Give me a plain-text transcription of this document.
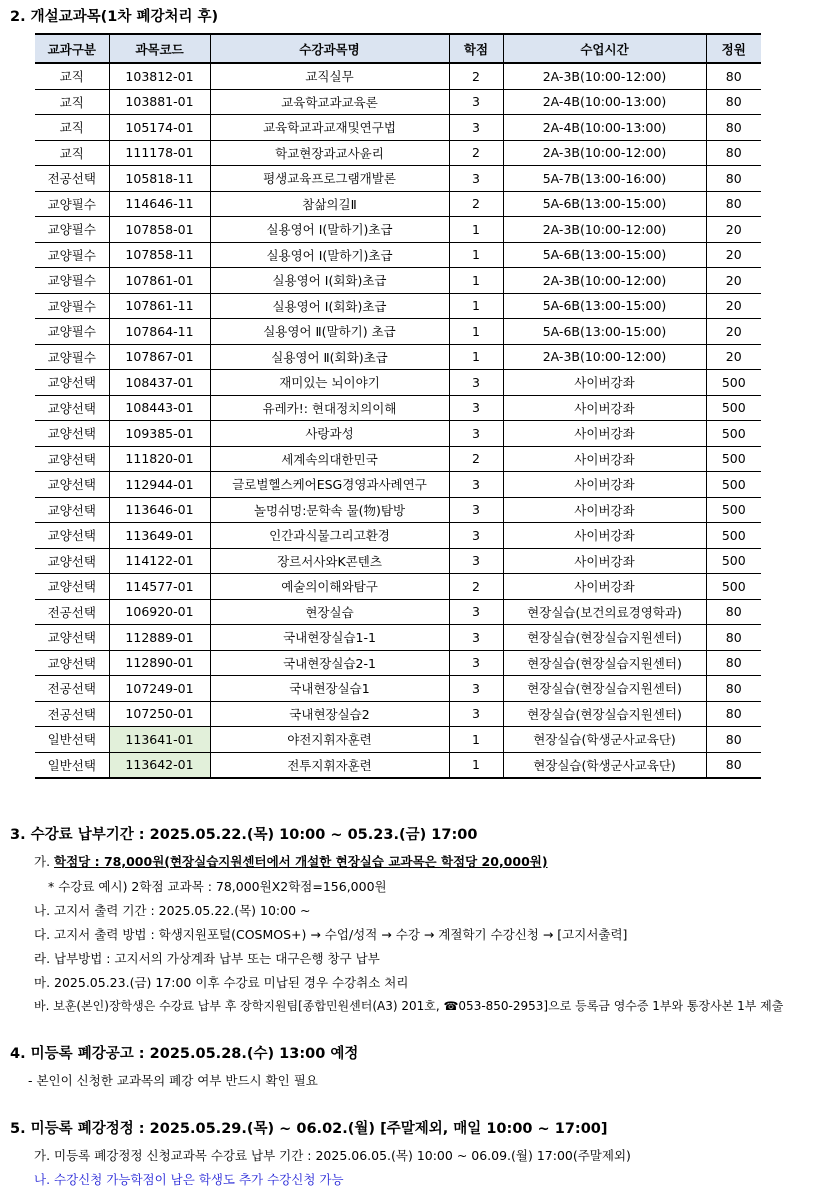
2. 개설교과목(1차 폐강처리 후)
교과구분	과목코드	수강과목명	학점	수업시간	정원
교직	103812-01	교직실무	2	2A-3B(10:00-12:00)	80
교직	103881-01	교육학교과교육론	3	2A-4B(10:00-13:00)	80
교직	105174-01	교육학교과교재및연구법	3	2A-4B(10:00-13:00)	80
교직	111178-01	학교현장과교사윤리	2	2A-3B(10:00-12:00)	80
전공선택	105818-11	평생교육프로그램개발론	3	5A-7B(13:00-16:00)	80
교양필수	114646-11	참삶의길Ⅱ	2	5A-6B(13:00-15:00)	80
교양필수	107858-01	실용영어 Ⅰ(말하기)초급	1	2A-3B(10:00-12:00)	20
교양필수	107858-11	실용영어 Ⅰ(말하기)초급	1	5A-6B(13:00-15:00)	20
교양필수	107861-01	실용영어 Ⅰ(회화)초급	1	2A-3B(10:00-12:00)	20
교양필수	107861-11	실용영어 Ⅰ(회화)초급	1	5A-6B(13:00-15:00)	20
교양필수	107864-11	실용영어 Ⅱ(말하기) 초급	1	5A-6B(13:00-15:00)	20
교양필수	107867-01	실용영어 Ⅱ(회화)초급	1	2A-3B(10:00-12:00)	20
교양선택	108437-01	재미있는 뇌이야기	3	사이버강좌	500
교양선택	108443-01	유레카!: 현대정치의이해	3	사이버강좌	500
교양선택	109385-01	사랑과성	3	사이버강좌	500
교양선택	111820-01	세계속의대한민국	2	사이버강좌	500
교양선택	112944-01	글로벌헬스케어ESG경영과사례연구	3	사이버강좌	500
교양선택	113646-01	놀멍쉬멍:문학속 물(物)탐방	3	사이버강좌	500
교양선택	113649-01	인간과식물그리고환경	3	사이버강좌	500
교양선택	114122-01	장르서사와K콘텐츠	3	사이버강좌	500
교양선택	114577-01	예술의이해와탐구	2	사이버강좌	500
전공선택	106920-01	현장실습	3	현장실습(보건의료경영학과)	80
교양선택	112889-01	국내현장실습1-1	3	현장실습(현장실습지원센터)	80
교양선택	112890-01	국내현장실습2-1	3	현장실습(현장실습지원센터)	80
전공선택	107249-01	국내현장실습1	3	현장실습(현장실습지원센터)	80
전공선택	107250-01	국내현장실습2	3	현장실습(현장실습지원센터)	80
일반선택	113641-01	야전지휘자훈련	1	현장실습(학생군사교육단)	80
일반선택	113642-01	전투지휘자훈련	1	현장실습(학생군사교육단)	80
3. 수강료 납부기간 : 2025.05.22.(목) 10:00 ~ 05.23.(금) 17:00
가. 학점당 : 78,000원(현장실습지원센터에서 개설한 현장실습 교과목은 학점당 20,000원)
* 수강료 예시) 2학점 교과목 : 78,000원X2학점=156,000원
나. 고지서 출력 기간 : 2025.05.22.(목) 10:00 ~
다. 고지서 출력 방법 : 학생지원포털(COSMOS+) → 수업/성적 → 수강 → 계절학기 수강신청 → [고지서출력]
라. 납부방법 : 고지서의 가상계좌 납부 또는 대구은행 창구 납부
마. 2025.05.23.(금) 17:00 이후 수강료 미납된 경우 수강취소 처리
바. 보훈(본인)장학생은 수강료 납부 후 장학지원팀[종합민원센터(A3) 201호, ☎053-850-2953]으로 등록금 영수증 1부와 통장사본 1부 제출
4. 미등록 폐강공고 : 2025.05.28.(수) 13:00 예정
- 본인이 신청한 교과목의 폐강 여부 반드시 확인 필요
5. 미등록 폐강정정 : 2025.05.29.(목) ~ 06.02.(월) [주말제외, 매일 10:00 ~ 17:00]
가. 미등록 폐강정정 신청교과목 수강료 납부 기간 : 2025.06.05.(목) 10:00 ~ 06.09.(월) 17:00(주말제외)
나. 수강신청 가능학점이 남은 학생도 추가 수강신청 가능
